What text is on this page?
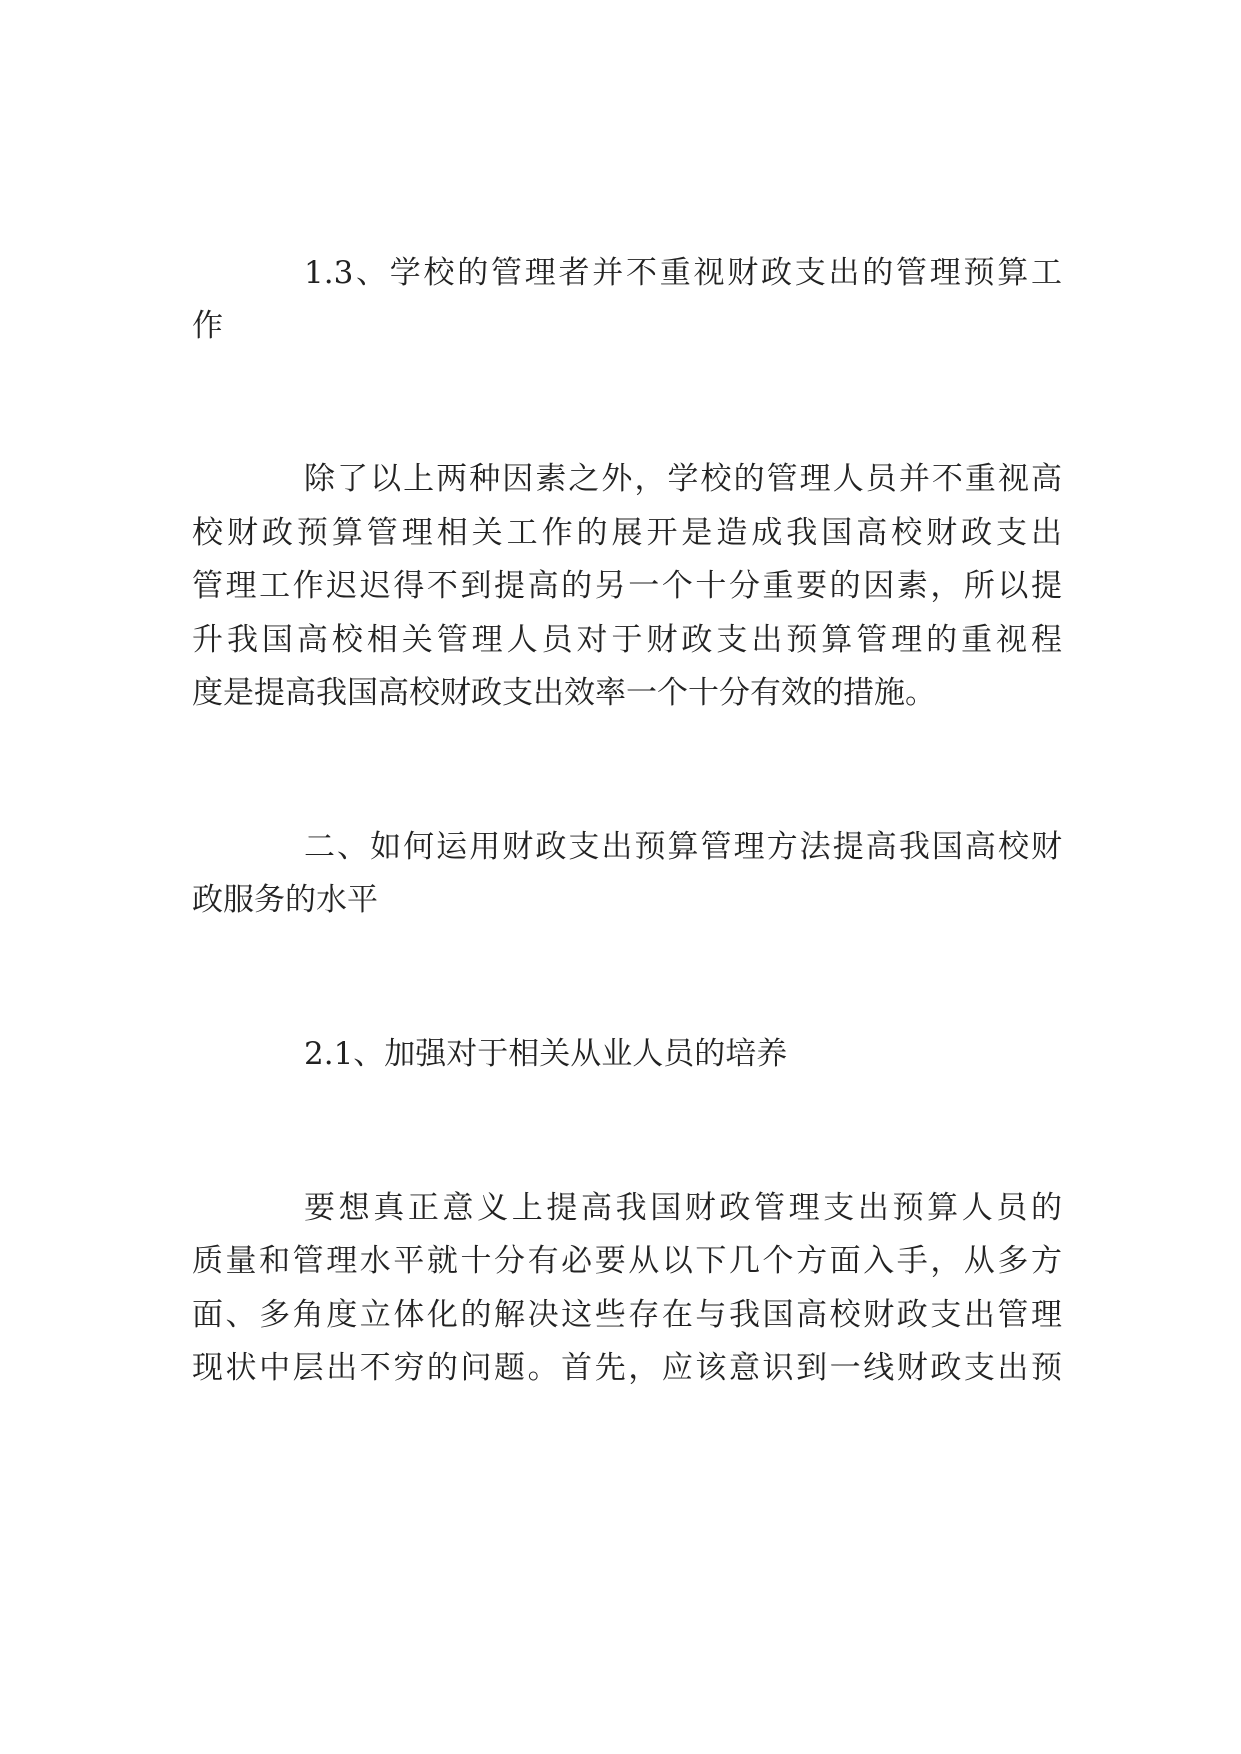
1.3、学校的管理者并不重视财政支出的管理预算工
作
除了以上两种因素之外，学校的管理人员并不重视高
校财政预算管理相关工作的展开是造成我国高校财政支出
管理工作迟迟得不到提高的另一个十分重要的因素，所以提
升我国高校相关管理人员对于财政支出预算管理的重视程
度是提高我国高校财政支出效率一个十分有效的措施。
二、如何运用财政支出预算管理方法提高我国高校财
政服务的水平
2.1、加强对于相关从业人员的培养
要想真正意义上提高我国财政管理支出预算人员的
质量和管理水平就十分有必要从以下几个方面入手，从多方
面、多角度立体化的解决这些存在与我国高校财政支出管理
现状中层出不穷的问题。首先，应该意识到一线财政支出预
